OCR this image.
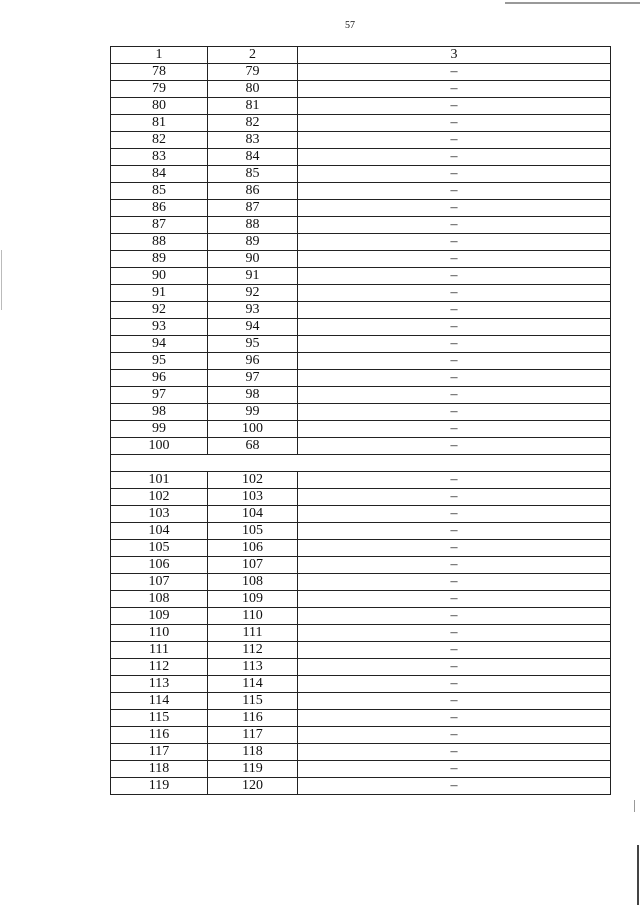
57
1	2	3
78	79	–
79	80	–
80	81	–
81	82	–
82	83	–
83	84	–
84	85	–
85	86	–
86	87	–
87	88	–
88	89	–
89	90	–
90	91	–
91	92	–
92	93	–
93	94	–
94	95	–
95	96	–
96	97	–
97	98	–
98	99	–
99	100	–
100	68	–

101	102	–
102	103	–
103	104	–
104	105	–
105	106	–
106	107	–
107	108	–
108	109	–
109	110	–
110	111	–
111	112	–
112	113	–
113	114	–
114	115	–
115	116	–
116	117	–
117	118	–
118	119	–
119	120	–
